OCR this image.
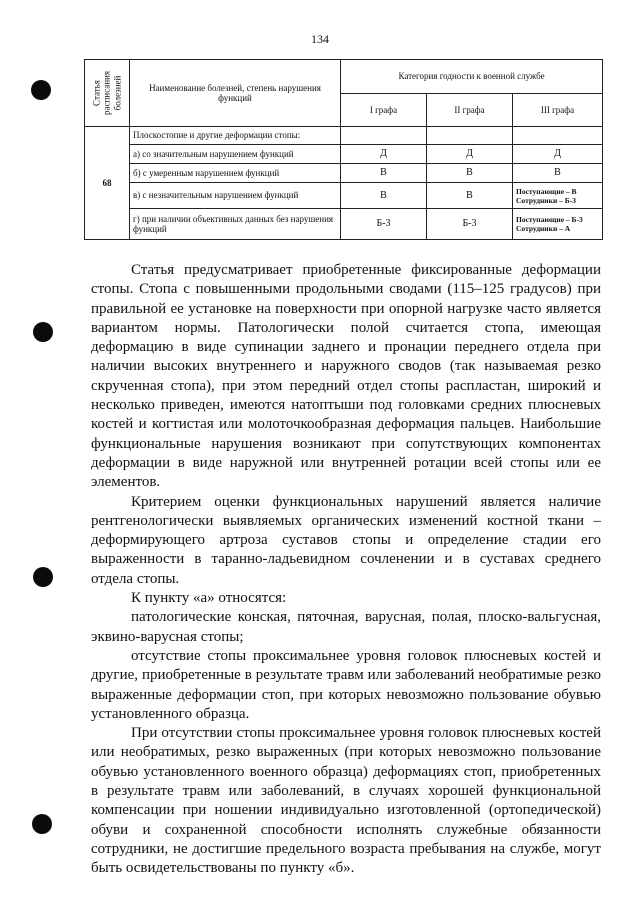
134
Статья расписания болезней	Наименование болезней, степень нарушения функций	Категория годности к военной службе		
		I графа	II графа	III графа
68	Плоскостопие и другие деформации стопы:			
	а) со значительным нарушением функций	Д	Д	Д
	б) с умеренным нарушением функций	В	В	В
	в) с незначительным нарушением функций	В	В	Поступающие – В
Сотрудники – Б-3

	г) при наличии объективных данных без нарушения функций	Б-3	Б-3	Поступающие – Б-3
Сотрудники – А

Статья предусматривает приобретенные фиксированные деформации стопы. Стопа с повышенными продольными сводами (115–125 градусов) при правильной ее установке на поверхности при опорной нагрузке часто является вариантом нормы. Патологически полой считается стопа, имеющая деформацию в виде супинации заднего и пронации переднего отдела при наличии высоких внутреннего и наружного сводов (так называемая резко скрученная стопа), при этом передний отдел стопы распластан, широкий и несколько приведен, имеются натоптыши под головками средних плюсневых костей и когтистая или молоточкообразная деформация пальцев. Наибольшие функциональные нарушения возникают при сопутствующих компонентах деформации в виде наружной или внутренней ротации всей стопы или ее элементов.

Критерием оценки функциональных нарушений является наличие рентгенологически выявляемых органических изменений костной ткани – деформирующего артроза суставов стопы и определение стадии его выраженности в таранно-ладьевидном сочленении и в суставах среднего отдела стопы.

К пункту «а» относятся:

патологические конская, пяточная, варусная, полая, плоско-вальгусная, эквино-варусная стопы;

отсутствие стопы проксимальнее уровня головок плюсневых костей и другие, приобретенные в результате травм или заболеваний необратимые резко выраженные деформации стоп, при которых невозможно пользование обувью установленного образца.

При отсутствии стопы проксимальнее уровня головок плюсневых костей или необратимых, резко выраженных (при которых невозможно пользование обувью установленного военного образца) деформациях стоп, приобретенных в результате травм или заболеваний, в случаях хорошей функциональной компенсации при ношении индивидуально изготовленной (ортопедической) обуви и сохраненной способности исполнять служебные обязанности сотрудники, не достигшие предельного возраста пребывания на службе, могут быть освидетельствованы по пункту «б».
